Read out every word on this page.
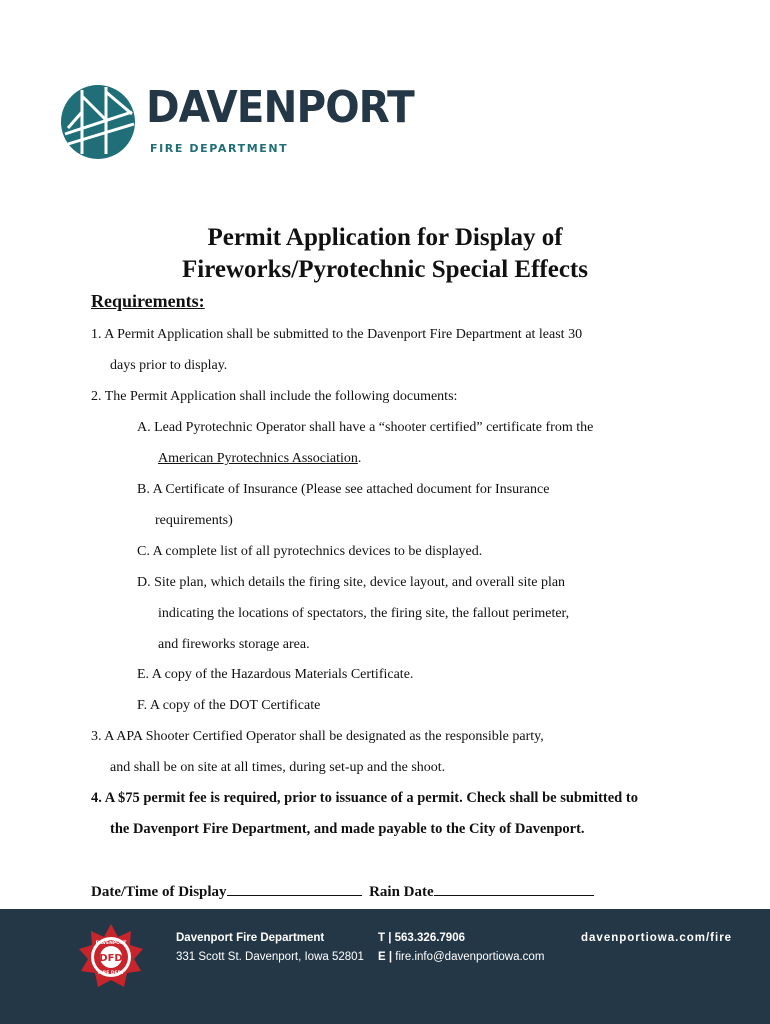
DAVENPORT
FIRE DEPARTMENT
Permit Application for Display of
Fireworks/Pyrotechnic Special Effects
Requirements:
1. A Permit Application shall be submitted to the Davenport Fire Department at least 30
days prior to display.
2. The Permit Application shall include the following documents:
A. Lead Pyrotechnic Operator shall have a “shooter certified” certificate from the
American Pyrotechnics Association.
B. A Certificate of Insurance (Please see attached document for Insurance
requirements)
C. A complete list of all pyrotechnics devices to be displayed.
D. Site plan, which details the firing site, device layout, and overall site plan
indicating the locations of spectators, the firing site, the fallout perimeter,
and fireworks storage area.
E. A copy of the Hazardous Materials Certificate.
F. A copy of the DOT Certificate
3. A APA Shooter Certified Operator shall be designated as the responsible party,
and shall be on site at all times, during set-up and the shoot.
4. A $75 permit fee is required, prior to issuance of a permit. Check shall be submitted to
the Davenport Fire Department, and made payable to the City of Davenport.
Date/Time of Display	Rain Date
DFD
DAVENPORT
FIRE DEPT
Davenport Fire Department
331 Scott St. Davenport, Iowa 52801
T | 563.326.7906
E | fire.info@davenportiowa.com
davenportiowa.com/fire
